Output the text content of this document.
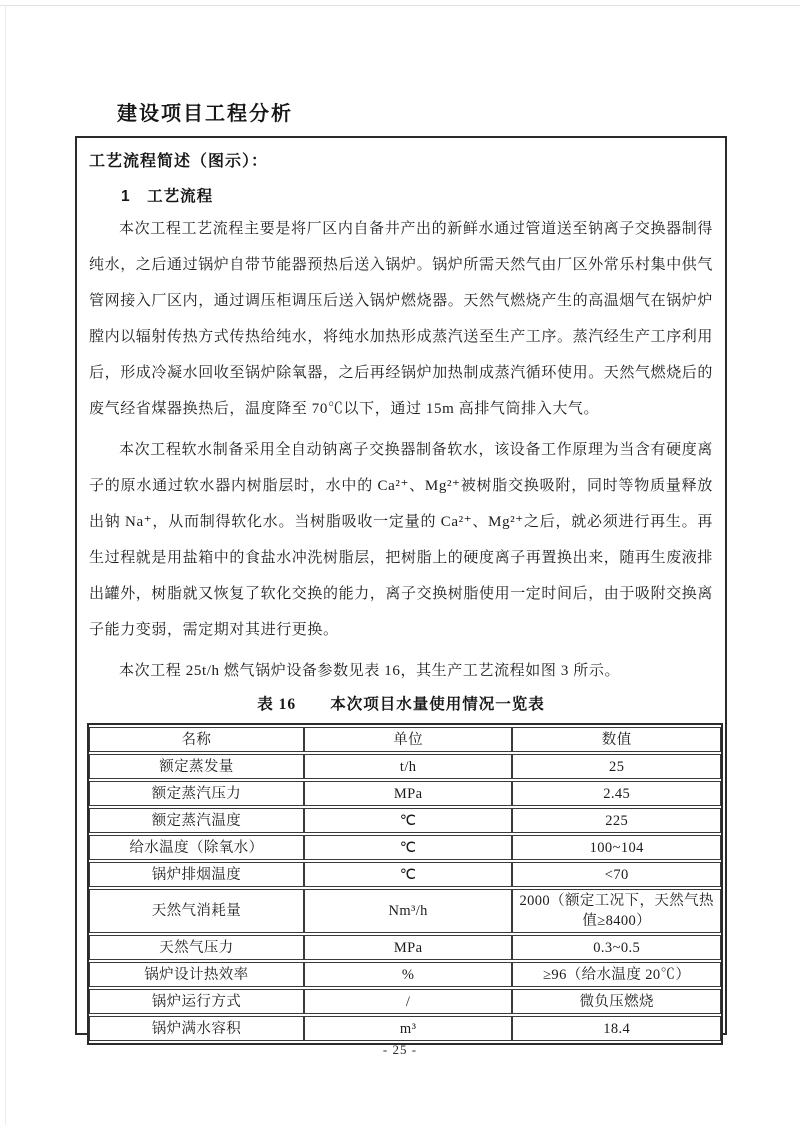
建设项目工程分析
工艺流程简述（图示）：
1　工艺流程

本次工程工艺流程主要是将厂区内自备井产出的新鲜水通过管道送至钠离子交换器制得纯水，之后通过锅炉自带节能器预热后送入锅炉。锅炉所需天然气由厂区外常乐村集中供气管网接入厂区内，通过调压柜调压后送入锅炉燃烧器。天然气燃烧产生的高温烟气在锅炉炉膛内以辐射传热方式传热给纯水，将纯水加热形成蒸汽送至生产工序。蒸汽经生产工序利用后，形成冷凝水回收至锅炉除氧器，之后再经锅炉加热制成蒸汽循环使用。天然气燃烧后的废气经省煤器换热后，温度降至 70℃以下，通过 15m 高排气筒排入大气。

本次工程软水制备采用全自动钠离子交换器制备软水，该设备工作原理为当含有硬度离子的原水通过软水器内树脂层时，水中的 Ca²⁺、Mg²⁺被树脂交换吸附，同时等物质量释放出钠 Na⁺，从而制得软化水。当树脂吸收一定量的 Ca²⁺、Mg²⁺之后，就必须进行再生。再生过程就是用盐箱中的食盐水冲洗树脂层，把树脂上的硬度离子再置换出来，随再生废液排出罐外，树脂就又恢复了软化交换的能力，离子交换树脂使用一定时间后，由于吸附交换离子能力变弱，需定期对其进行更换。

本次工程 25t/h 燃气锅炉设备参数见表 16，其生产工艺流程如图 3 所示。

表 16 本次项目水量使用情况一览表
名称	单位	数值
额定蒸发量	t/h	25
额定蒸汽压力	MPa	2.45
额定蒸汽温度	℃	225
给水温度（除氧水）	℃	100~104
锅炉排烟温度	℃	<70
天然气消耗量	Nm³/h	2000（额定工况下，天然气热值≥8400）
天然气压力	MPa	0.3~0.5
锅炉设计热效率	%	≥96（给水温度 20℃）
锅炉运行方式	/	微负压燃烧
锅炉满水容积	m³	18.4
- 25 -
